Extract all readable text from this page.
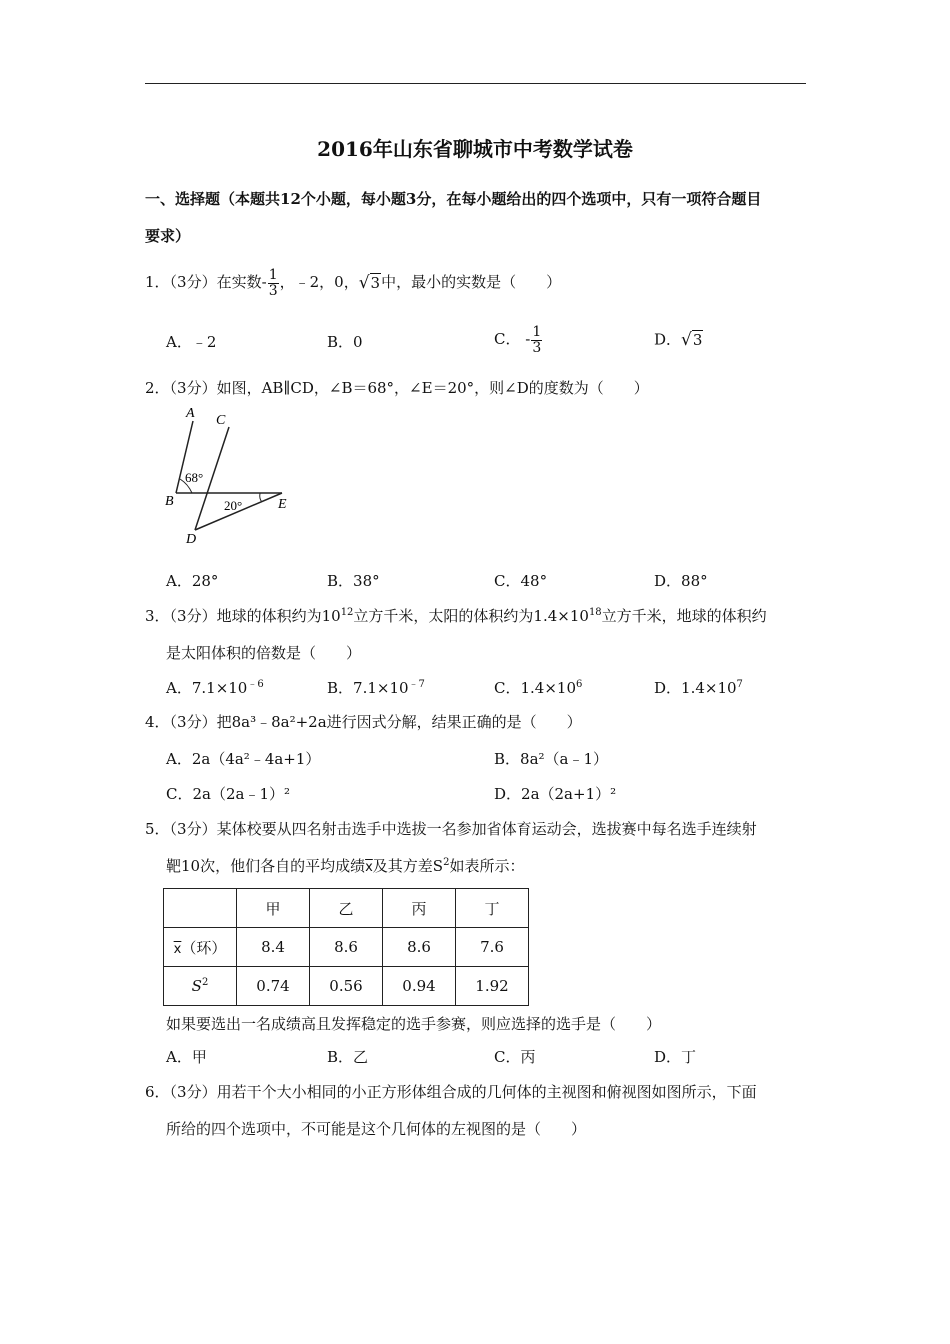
2016年山东省聊城市中考数学试卷
一、选择题（本题共12个小题，每小题3分，在每小题给出的四个选项中，只有一项符合题目
要求）
1．（3分）在实数- $\frac{1}{3}$ ，﹣2，0，√3中，最小的实数是（　　）
A．﹣2	B．0	C． - $\frac{1}{3}$	D．√3
2．（3分）如图，AB∥CD，∠B＝68°，∠E＝20°，则∠D的度数为（　　）
A C
B	E
D
68°
20°
A．28°	B．38°	C．48°	D．88°
3．（3分）地球的体积约为$10^{12}$立方千米，太阳的体积约为$1.4\times 10^{18}$立方千米，地球的体积约
是太阳体积的倍数是（　　）
A．$7.1\times 10^{﹣6}$	B．$7.1\times 10^{﹣7}$	C．$1.4\times 10^6$	D．$1.4\times 10^7$
4．（3分）把8a³﹣8a²+2a进行因式分解，结果正确的是（　　）
A．2a（4a²﹣4a+1）	B．8a²（a﹣1）
C．2a（2a﹣1）²	D．2a（2a+1）²
5．（3分）某体校要从四名射击选手中选拔一名参加省体育运动会，选拔赛中每名选手连续射
靶10次，他们各自的平均成绩$\overline{x}$及其方差$S^2$如表所示：
	甲	乙	丙	丁
$\overline{x}$（环）	8.4	8.6	8.6	7.6
$S^2$	0.74	0.56	0.94	1.92
如果要选出一名成绩高且发挥稳定的选手参赛，则应选择的选手是（　　）
A．甲	B．乙	C．丙	D．丁
6．（3分）用若干个大小相同的小正方形体组合成的几何体的主视图和俯视图如图所示，下面
所给的四个选项中，不可能是这个几何体的左视图的是（　　）
